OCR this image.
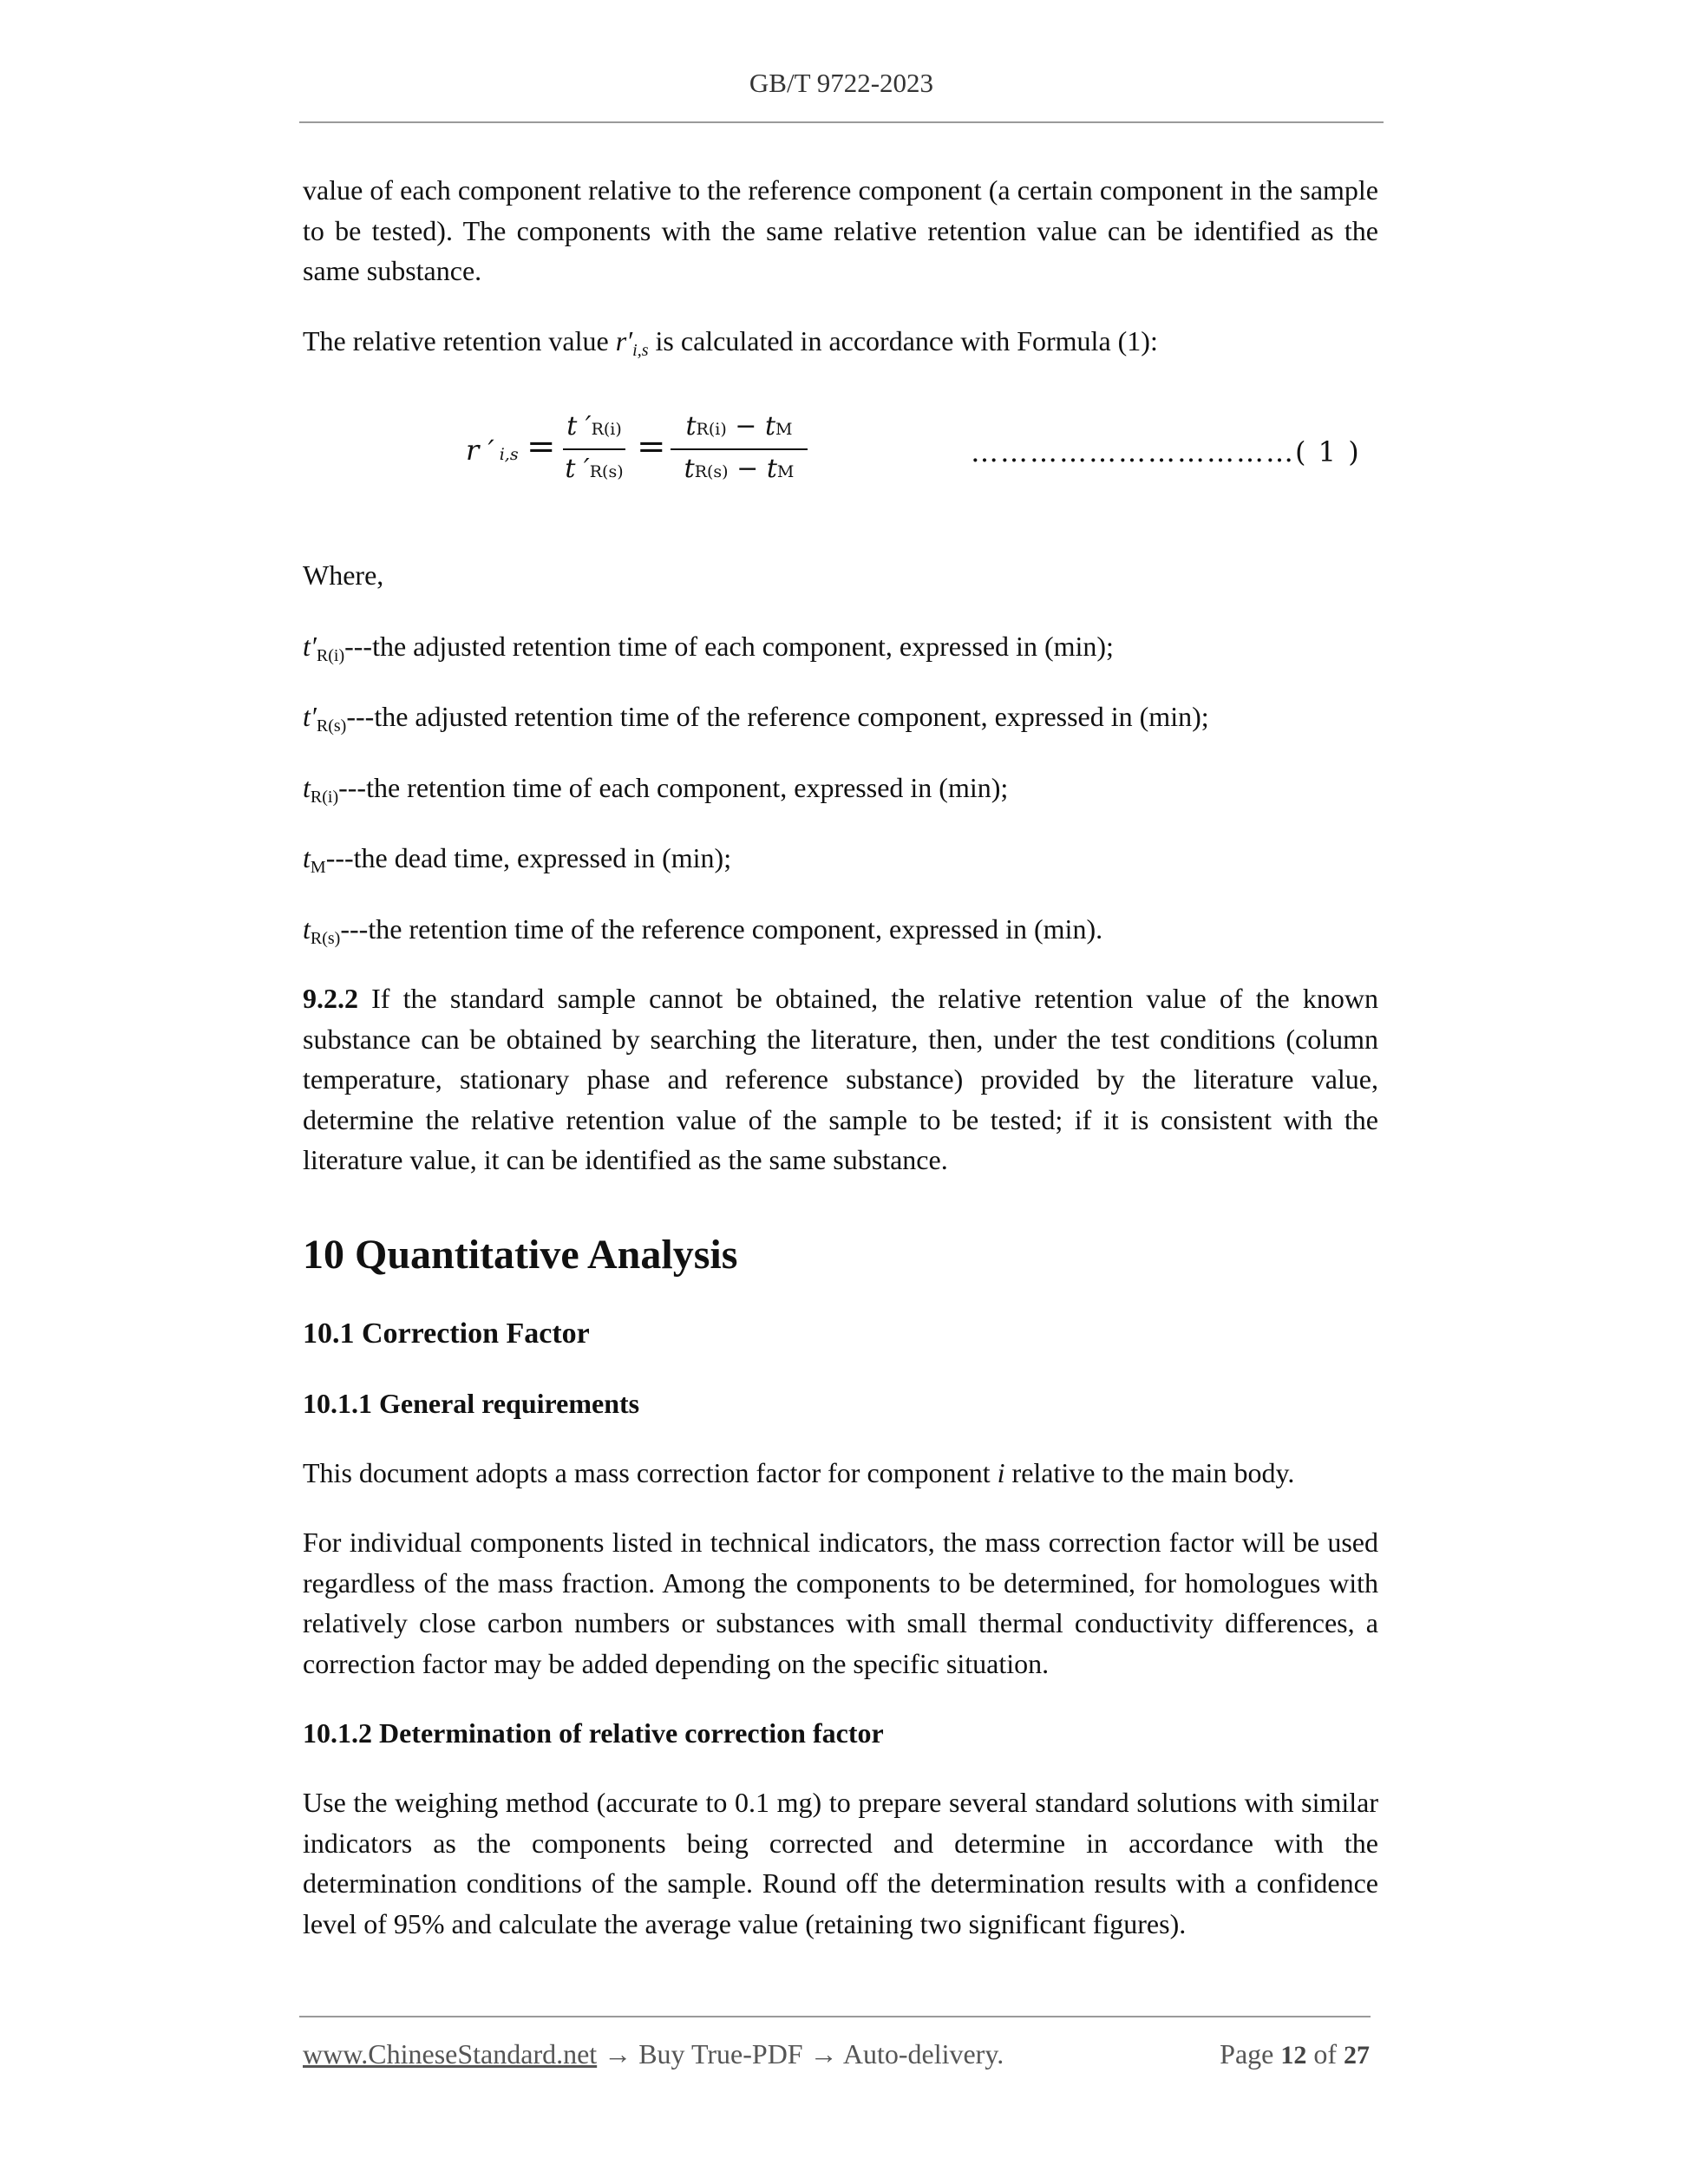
GB/T 9722-2023

value of each component relative to the reference component (a certain component in the sample to be tested). The components with the same relative retention value can be identified as the same substance.

The relative retention value $r'_{i,s}$ is calculated in accordance with Formula (1):

r ′ i,s =
t ′R(i)
t ′R(s)
=
tR(i) − tM
tR(s) − tM
……………………………( 1 )

Where,

$t'_{R(i)}--$-the adjusted retention time of each component, expressed in (min);

$t'_{R(s)}--$-the adjusted retention time of the reference component, expressed in (min);

$t_{R(i)}--$-the retention time of each component, expressed in (min);

$t_M--$-the dead time, expressed in (min);

$t_{R(s)}--$-the retention time of the reference component, expressed in (min).

9.2.2 If the standard sample cannot be obtained, the relative retention value of the known substance can be obtained by searching the literature, then, under the test conditions (column temperature, stationary phase and reference substance) provided by the literature value, determine the relative retention value of the sample to be tested; if it is consistent with the literature value, it can be identified as the same substance.

10 Quantitative Analysis
10.1 Correction Factor
10.1.1 General requirements

This document adopts a mass correction factor for component i relative to the main body.

For individual components listed in technical indicators, the mass correction factor will be used regardless of the mass fraction. Among the components to be determined, for homologues with relatively close carbon numbers or substances with small thermal conductivity differences, a correction factor may be added depending on the specific situation.

10.1.2 Determination of relative correction factor

Use the weighing method (accurate to 0.1 mg) to prepare several standard solutions with similar indicators as the components being corrected and determine in accordance with the determination conditions of the sample. Round off the determination results with a confidence level of 95% and calculate the average value (retaining two significant figures).

www.ChineseStandard.net → Buy True-PDF → Auto-delivery.	Page 12 of 27
